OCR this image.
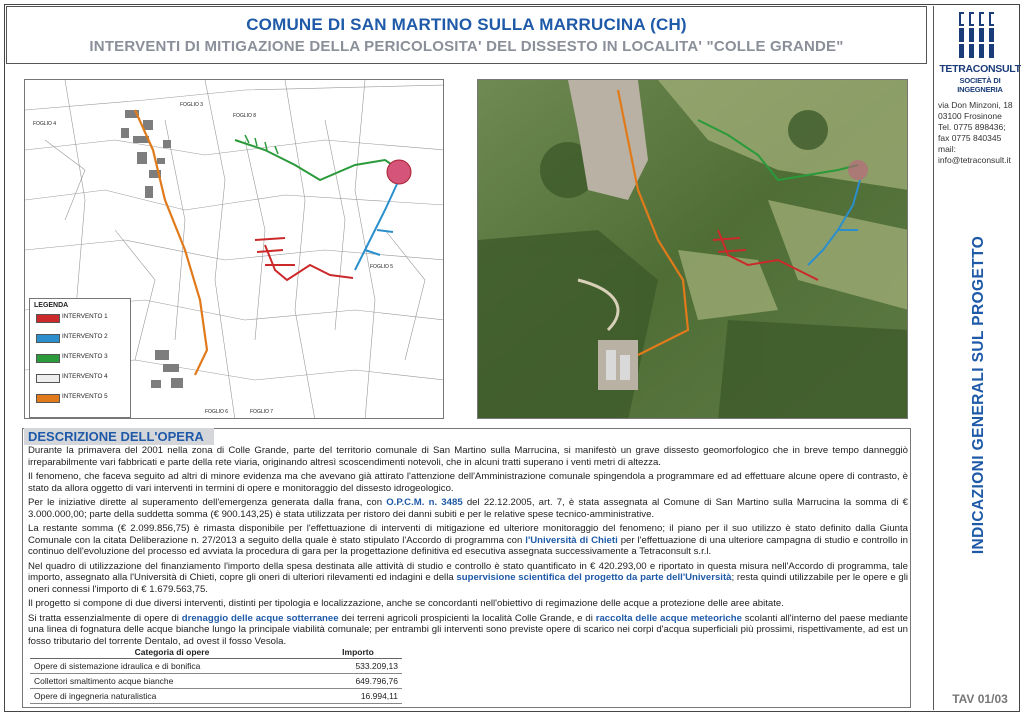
COMUNE DI SAN MARTINO SULLA MARRUCINA (CH)
INTERVENTI DI MITIGAZIONE DELLA PERICOLOSITA' DEL DISSESTO IN LOCALITA' "COLLE GRANDE"
TETRACONSULT
SOCIETÀ DI INGEGNERIA
via Don Minzoni, 18
03100 Frosinone
Tel. 0775 898436;
fax 0775 840345
mail: info@tetraconsult.it
INDICAZIONI GENERALI SUL PROGETTO
TAV 01/03
FOGLIO 8
FOGLIO 3
FOGLIO 5
FOGLIO 7
FOGLIO 4
FOGLIO 6
LEGENDA
INTERVENTO 1
INTERVENTO 2
INTERVENTO 3
INTERVENTO 4
INTERVENTO 5
DESCRIZIONE DELL'OPERA

Durante la primavera del 2001 nella zona di Colle Grande, parte del territorio comunale di San Martino sulla Marrucina, si manifestò un grave dissesto geomorfologico che in breve tempo danneggiò irreparabilmente vari fabbricati e parte della rete viaria, originando altresì scoscendimenti notevoli, che in alcuni tratti superano i venti metri di altezza.

Il fenomeno, che faceva seguito ad altri di minore evidenza ma che avevano già attirato l'attenzione dell'Amministrazione comunale spingendola a programmare ed ad effettuare alcune opere di contrasto, è stato da allora oggetto di vari interventi in termini di opere e monitoraggio del dissesto idrogeologico.

Per le iniziative dirette al superamento dell'emergenza generata dalla frana, con O.P.C.M. n. 3485 del 22.12.2005, art. 7, è stata assegnata al Comune di San Martino sulla Marrucina la somma di € 3.000.000,00; parte della suddetta somma (€ 900.143,25) è stata utilizzata per ristoro dei danni subiti e per le relative spese tecnico-amministrative.

La restante somma (€ 2.099.856,75) è rimasta disponibile per l'effettuazione di interventi di mitigazione ed ulteriore monitoraggio del fenomeno; il piano per il suo utilizzo è stato definito dalla Giunta Comunale con la citata Deliberazione n. 27/2013 a seguito della quale è stato stipulato l'Accordo di programma con l'Università di Chieti per l'effettuazione di una ulteriore campagna di studio e controllo in continuo dell'evoluzione del processo ed avviata la procedura di gara per la progettazione definitiva ed esecutiva assegnata successivamente a Tetraconsult s.r.l.

Nel quadro di utilizzazione del finanziamento l'importo della spesa destinata alle attività di studio e controllo è stato quantificato in € 420.293,00 e riportato in questa misura nell'Accordo di programma, tale importo, assegnato alla l'Università di Chieti, copre gli oneri di ulteriori rilevamenti ed indagini e della supervisione scientifica del progetto da parte dell'Università; resta quindi utilizzabile per le opere e gli oneri connessi l'importo di € 1.679.563,75.

Il progetto si compone di due diversi interventi, distinti per tipologia e localizzazione, anche se concordanti nell'obiettivo di regimazione delle acque a protezione delle aree abitate.

Si tratta essenzialmente di opere di drenaggio delle acque sotterranee dei terreni agricoli prospicienti la località Colle Grande, e di raccolta delle acque meteoriche scolanti all'interno del paese mediante una linea di fognatura delle acque bianche lungo la principale viabilità comunale; per entrambi gli interventi sono previste opere di scarico nei corpi d'acqua superficiali più prossimi, rispettivamente, ad est un fosso tributario del torrente Dentalo, ad ovest il fosso Vesola.

Categoria di opere	Importo
Opere di sistemazione idraulica e di bonifica	533.209,13
Collettori smaltimento acque bianche	649.796,76
Opere di ingegneria naturalistica	16.994,11
